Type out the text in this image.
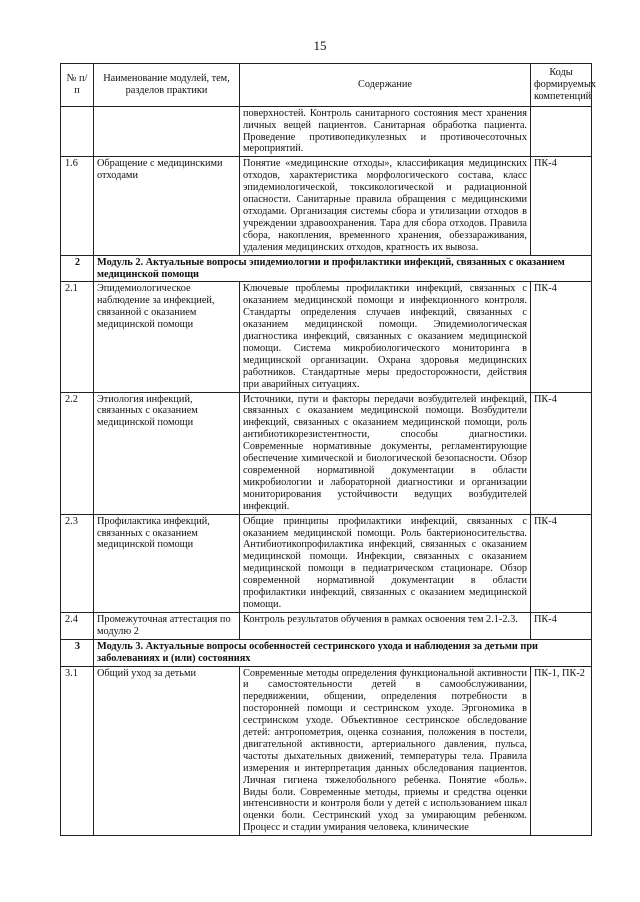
15
№ п/п	Наименование модулей, тем, разделов практики	Содержание	Коды формируемых компетенций
		поверхностей. Контроль санитарного состояния мест хранения личных вещей пациентов. Санитарная обработка пациента. Проведение противопедикулезных и противочесоточных мероприятий.	
1.6	Обращение с медицинскими отходами	Понятие «медицинские отходы», классификация медицинских отходов, характеристика морфологического состава, класс эпидемиологической, токсикологической и радиационной опасности. Санитарные правила обращения с медицинскими отходами. Организация системы сбора и утилизации отходов в учреждении здравоохранения. Тара для сбора отходов. Правила сбора, накопления, временного хранения, обеззараживания, удаления медицинских отходов, кратность их вывоза.	ПК-4
2	Модуль 2. Актуальные вопросы эпидемиологии и профилактики инфекций, связанных с оказанием медицинской помощи		
2.1	Эпидемиологическое наблюдение за инфекцией, связанной с оказанием медицинской помощи	Ключевые проблемы профилактики инфекций, связанных с оказанием медицинской помощи и инфекционного контроля. Стандарты определения случаев инфекций, связанных с оказанием медицинской помощи. Эпидемиологическая диагностика инфекций, связанных с оказанием медицинской помощи. Система микробиологического мониторинга в медицинской организации. Охрана здоровья медицинских работников. Стандартные меры предосторожности, действия при аварийных ситуациях.	ПК-4
2.2	Этиология инфекций, связанных с оказанием медицинской помощи	Источники, пути и факторы передачи возбудителей инфекций, связанных с оказанием медицинской помощи. Возбудители инфекций, связанных с оказанием медицинской помощи, роль антибиотикорезистентности, способы диагностики. Современные нормативные документы, регламентирующие обеспечение химической и биологической безопасности. Обзор современной нормативной документации в области микробиологии и лабораторной диагностики и организации мониторирования устойчивости ведущих возбудителей инфекций.	ПК-4
2.3	Профилактика инфекций, связанных с оказанием медицинской помощи	Общие принципы профилактики инфекций, связанных с оказанием медицинской помощи. Роль бактерионосительства. Антибиотикопрофилактика инфекций, связанных с оказанием медицинской помощи. Инфекции, связанных с оказанием медицинской помощи в педиатрическом стационаре. Обзор современной нормативной документации в области профилактики инфекций, связанных с оказанием медицинской помощи.	ПК-4
2.4	Промежуточная аттестация по модулю 2	Контроль результатов обучения в рамках освоения тем 2.1-2.3.	ПК-4
3	Модуль 3. Актуальные вопросы особенностей сестринского ухода и наблюдения за детьми при заболеваниях и (или) состояниях		
3.1	Общий уход за детьми	Современные методы определения функциональной активности и самостоятельности детей в самообслуживании, передвижении, общении, определения потребности в посторонней помощи и сестринском уходе. Эргономика в сестринском уходе. Объективное сестринское обследование детей: антропометрия, оценка сознания, положения в постели, двигательной активности, артериального давления, пульса, частоты дыхательных движений, температуры тела. Правила измерения и интерпретация данных обследования пациентов. Личная гигиена тяжелобольного ребенка. Понятие «боль». Виды боли. Современные методы, приемы и средства оценки интенсивности и контроля боли у детей с использованием шкал оценки боли. Сестринский уход за умирающим ребенком. Процесс и стадии умирания человека, клинические	ПК-1, ПК-2
